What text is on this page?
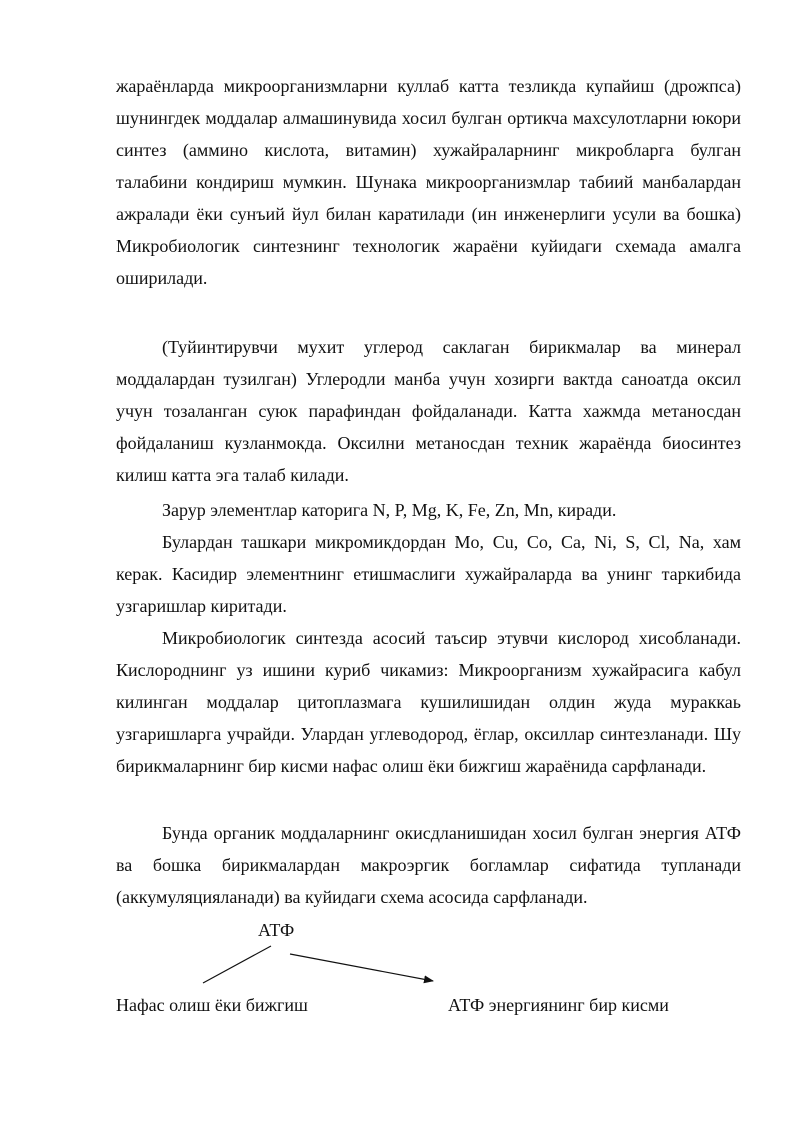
жараёнларда микроорганизмларни куллаб катта тезликда купайиш (дрожпса) шунингдек моддалар алмашинувида хосил булган ортикча махсулотларни юкори синтез (аммино кислота, витамин) хужайраларнинг микробларга булган талабини кондириш мумкин. Шунака микроорганизмлар табиий манбалардан ажралади ёки сунъий йул билан каратилади (ин инженерлиги усули ва бошка) Микробиологик синтезнинг технологик жараёни куйидаги схемада амалга оширилади.

(Туйинтирувчи мухит углерод саклаган бирикмалар ва минерал моддалардан тузилган) Углеродли манба учун хозирги вактда саноатда оксил учун тозаланган суюк парафиндан фойдаланади. Катта хажмда метаносдан фойдаланиш кузланмокда. Оксилни метаносдан техник жараёнда биосинтез килиш катта эга талаб килади.

Зарур элементлар каторига N, P, Mg, K, Fe, Zn, Mn, киради.

Булардан ташкари микромикдордан Mo, Cu, Co, Ca, Ni, S, Cl, Na, хам керак. Касидир элементнинг етишмаслиги хужайраларда ва унинг таркибида узгаришлар киритади.

Микробиологик синтезда асосий таъсир этувчи кислород хисобланади. Кислороднинг уз ишини куриб чикамиз: Микроорганизм хужайрасига кабул килинган моддалар цитоплазмага кушилишидан олдин жуда мураккаь узгаришларга учрайди. Улардан углеводород, ёглар, оксиллар синтезланади. Шу бирикмаларнинг бир кисми нафас олиш ёки бижгиш жараёнида сарфланади.

Бунда органик моддаларнинг окисдланишидан хосил булган энергия АТФ ва бошка бирикмалардан макроэргик богламлар сифатида тупланади (аккумуляцияланади) ва куйидаги схема асосида сарфланади.

АТФ
Нафас олиш ёки бижгиш	АТФ энергиянинг бир кисми
